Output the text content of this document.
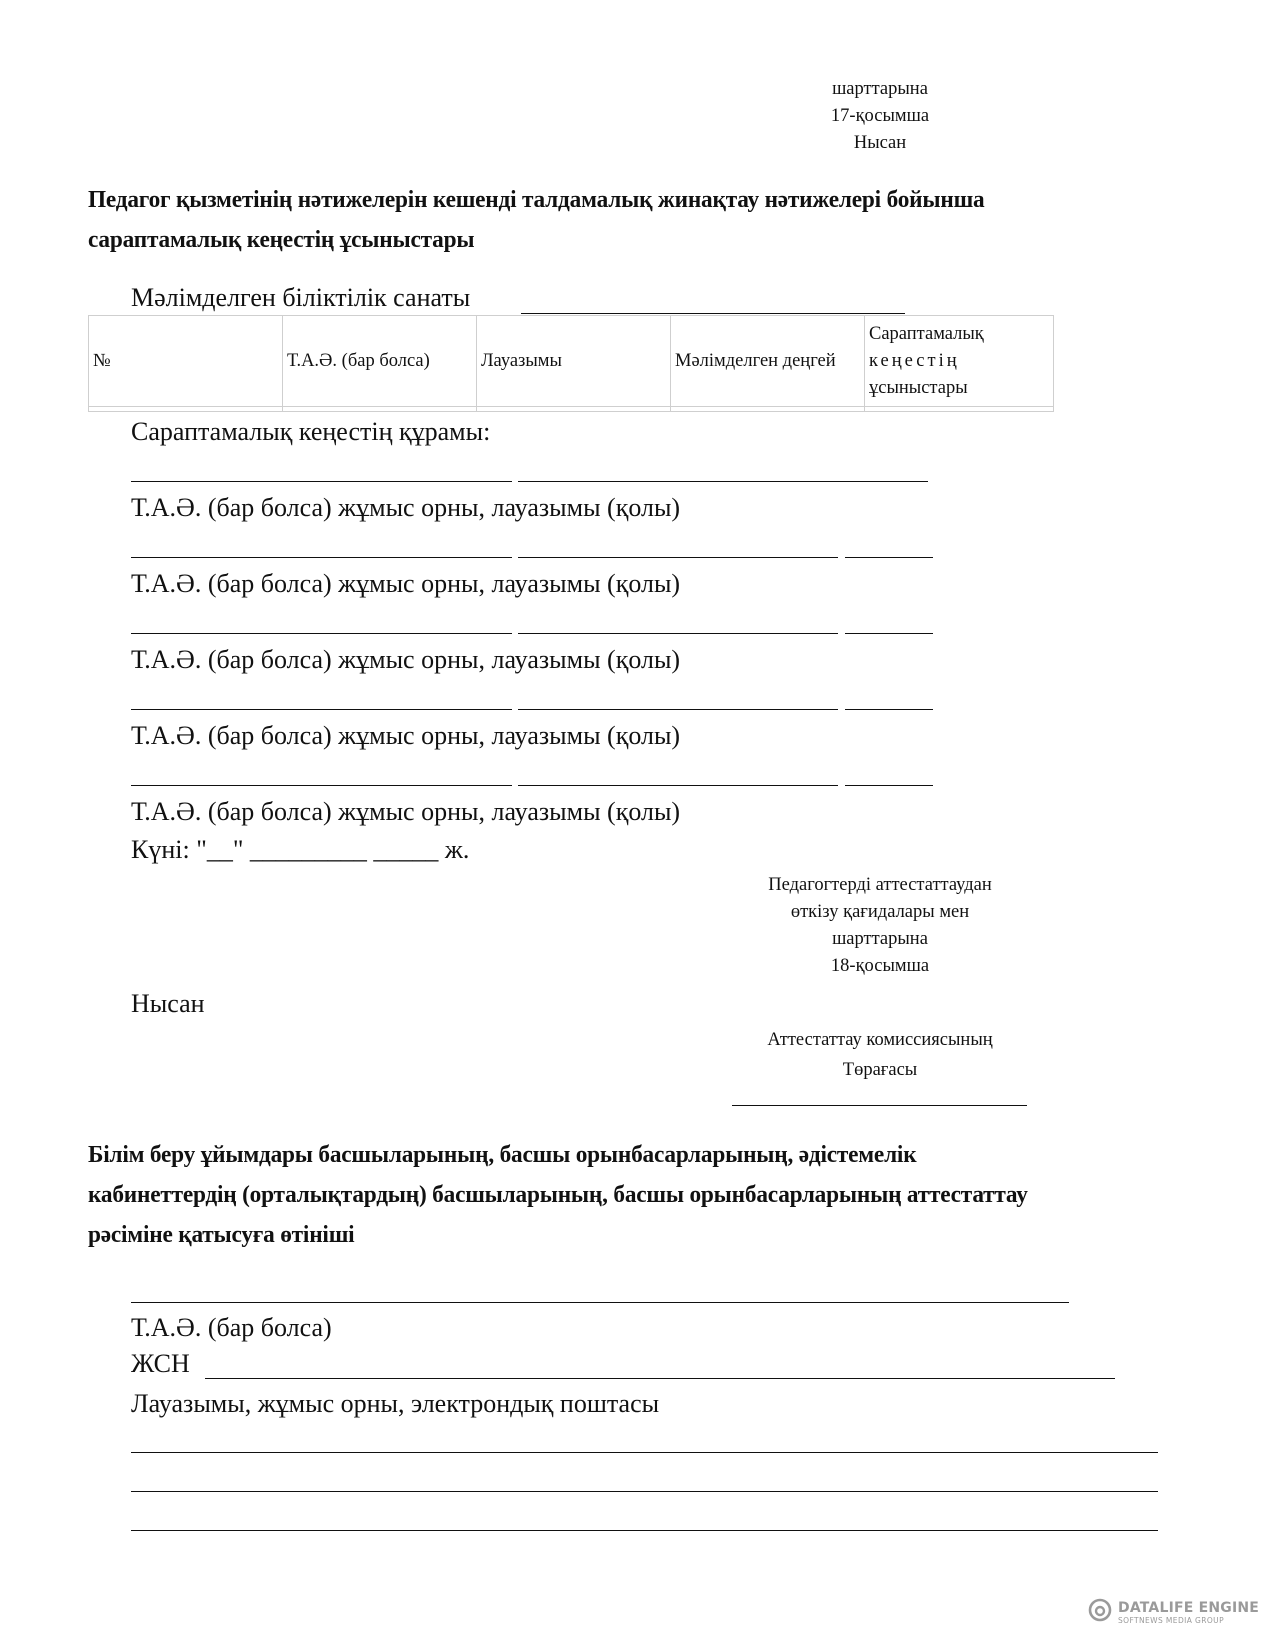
шарттарына
17-қосымша
Нысан
Педагог қызметінің нәтижелерін кешенді талдамалық жинақтау нәтижелері бойынша
сараптамалық кеңестің ұсыныстары
Мәлімделген біліктілік санаты
№	Т.А.Ә. (бар болса)	Лауазымы	Мәлімделген деңгей	Сараптамалық
кеңестің
ұсыныстары

Сараптамалық кеңестің құрамы:
Т.А.Ә. (бар болса) жұмыс орны, лауазымы (қолы)
Т.А.Ә. (бар болса) жұмыс орны, лауазымы (қолы)
Т.А.Ә. (бар болса) жұмыс орны, лауазымы (қолы)
Т.А.Ә. (бар болса) жұмыс орны, лауазымы (қолы)
Т.А.Ә. (бар болса) жұмыс орны, лауазымы (қолы)
Күні: "__" _________ _____ ж.
Педагогтерді аттестаттаудан
өткізу қағидалары мен
шарттарына
18-қосымша
Нысан
Аттестаттау комиссиясының
Төрағасы
Білім беру ұйымдары басшыларының, басшы орынбасарларының, әдістемелік
кабинеттердің (орталықтардың) басшыларының, басшы орынбасарларының аттестаттау
рәсіміне қатысуға өтініші
Т.А.Ә. (бар болса)
ЖСН
Лауазымы, жұмыс орны, электрондық поштасы
DATALIFE ENGINE
SOFTNEWS MEDIA GROUP
